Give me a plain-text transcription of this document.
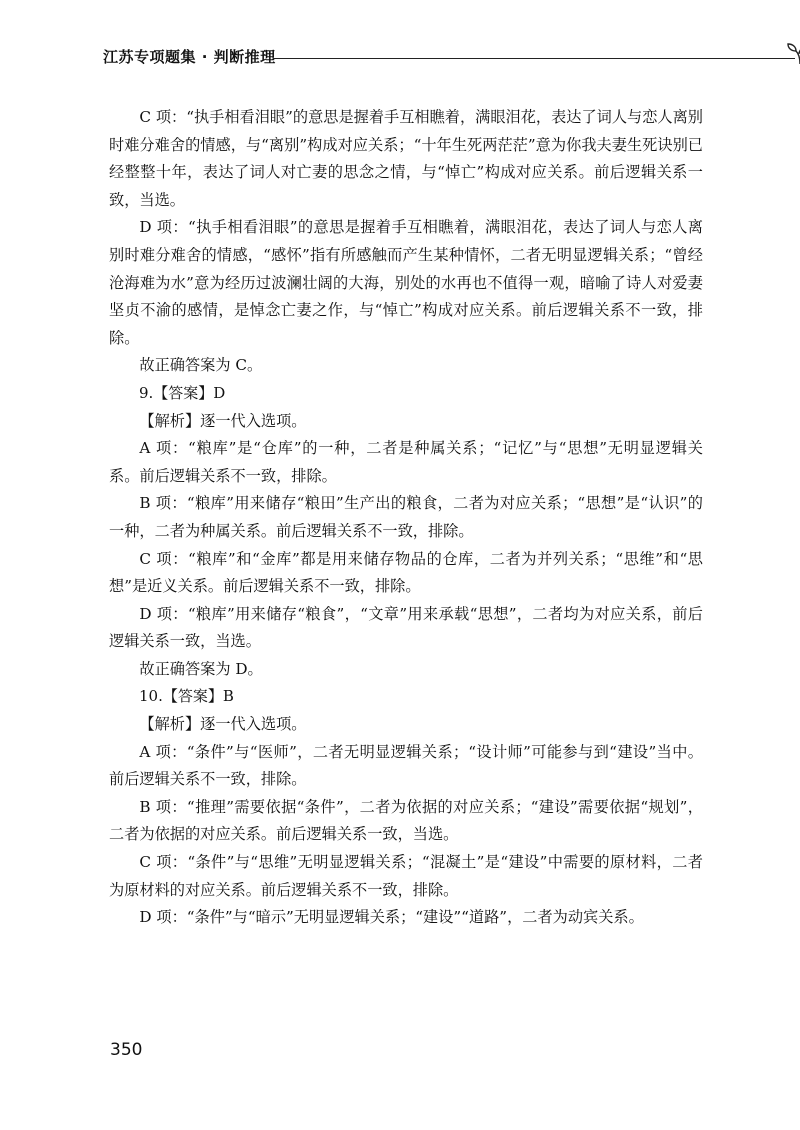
江苏专项题集 · 判断推理

C 项：“执手相看泪眼”的意思是握着手互相瞧着，满眼泪花，表达了词人与恋人离别时难分难舍的情感，与“离别”构成对应关系；“十年生死两茫茫”意为你我夫妻生死诀别已经整整十年，表达了词人对亡妻的思念之情，与“悼亡”构成对应关系。前后逻辑关系一致，当选。

D 项：“执手相看泪眼”的意思是握着手互相瞧着，满眼泪花，表达了词人与恋人离别时难分难舍的情感，“感怀”指有所感触而产生某种情怀，二者无明显逻辑关系；“曾经沧海难为水”意为经历过波澜壮阔的大海，别处的水再也不值得一观，暗喻了诗人对爱妻坚贞不渝的感情，是悼念亡妻之作，与“悼亡”构成对应关系。前后逻辑关系不一致，排除。

故正确答案为 C。

9.【答案】D

【解析】逐一代入选项。

A 项：“粮库”是“仓库”的一种，二者是种属关系；“记忆”与“思想”无明显逻辑关系。前后逻辑关系不一致，排除。

B 项：“粮库”用来储存“粮田”生产出的粮食，二者为对应关系；“思想”是“认识”的一种，二者为种属关系。前后逻辑关系不一致，排除。

C 项：“粮库”和“金库”都是用来储存物品的仓库，二者为并列关系；“思维”和“思想”是近义关系。前后逻辑关系不一致，排除。

D 项：“粮库”用来储存“粮食”，“文章”用来承载“思想”，二者均为对应关系，前后逻辑关系一致，当选。

故正确答案为 D。

10.【答案】B

【解析】逐一代入选项。

A 项：“条件”与“医师”，二者无明显逻辑关系；“设计师”可能参与到“建设”当中。前后逻辑关系不一致，排除。

B 项：“推理”需要依据“条件”，二者为依据的对应关系；“建设”需要依据“规划”，二者为依据的对应关系。前后逻辑关系一致，当选。

C 项：“条件”与“思维”无明显逻辑关系；“混凝土”是“建设”中需要的原材料，二者为原材料的对应关系。前后逻辑关系不一致，排除。

D 项：“条件”与“暗示”无明显逻辑关系；“建设”“道路”，二者为动宾关系。

350
